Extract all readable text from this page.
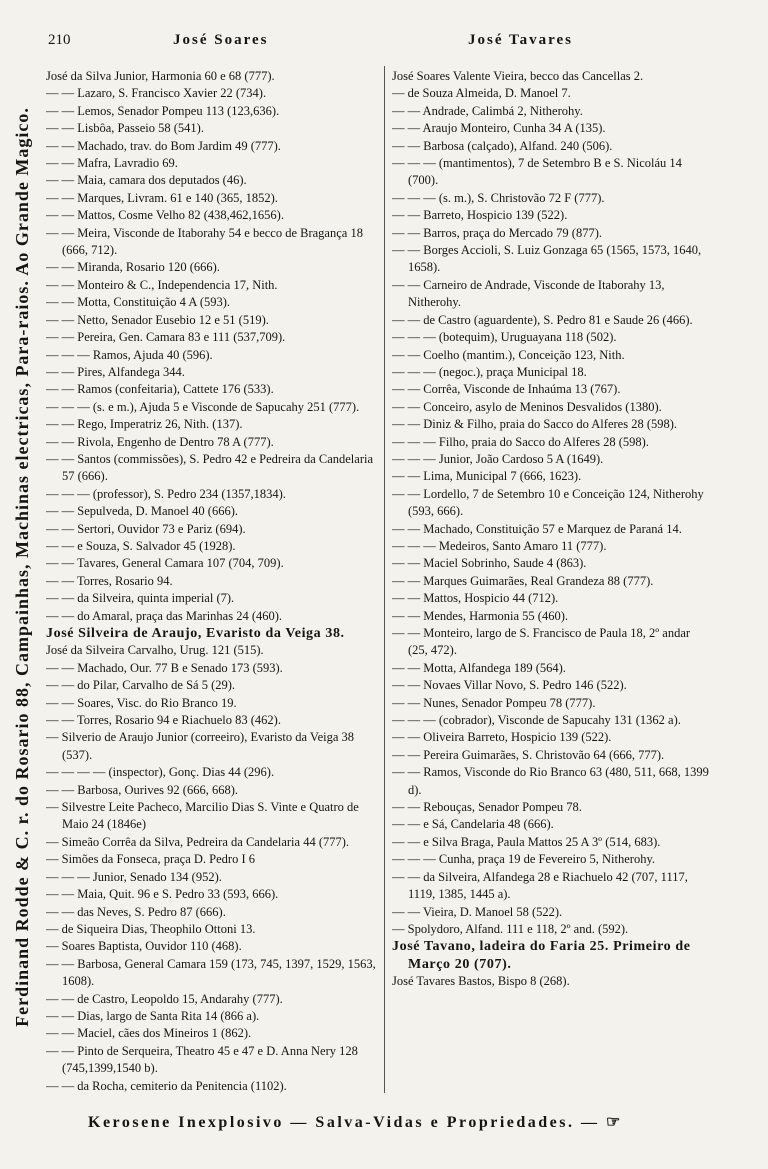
210	José Soares	José Tavares
Ferdinand Rodde & C. r. do Rosario 88, Campainhas, Machinas electricas, Para-raios. Ao Grande Magico.
José da Silva Junior, Harmonia 60 e 68 (777).
— — Lazaro, S. Francisco Xavier 22 (734).
— — Lemos, Senador Pompeu 113 (123,636).
— — Lisbôa, Passeio 58 (541).
— — Machado, trav. do Bom Jardim 49 (777).
— — Mafra, Lavradio 69.
— — Maia, camara dos deputados (46).
— — Marques, Livram. 61 e 140 (365, 1852).
— — Mattos, Cosme Velho 82 (438,462,1656).
— — Meira, Visconde de Itaborahy 54 e becco de Bragança 18 (666, 712).
— — Miranda, Rosario 120 (666).
— — Monteiro & C., Independencia 17, Nith.
— — Motta, Constituição 4 A (593).
— — Netto, Senador Eusebio 12 e 51 (519).
— — Pereira, Gen. Camara 83 e 111 (537,709).
— — — Ramos, Ajuda 40 (596).
— — Pires, Alfandega 344.
— — Ramos (confeitaria), Cattete 176 (533).
— — — (s. e m.), Ajuda 5 e Visconde de Sapucahy 251 (777).
— — Rego, Imperatriz 26, Nith. (137).
— — Rivola, Engenho de Dentro 78 A (777).
— — Santos (commissões), S. Pedro 42 e Pedreira da Candelaria 57 (666).
— — — (professor), S. Pedro 234 (1357,1834).
— — Sepulveda, D. Manoel 40 (666).
— — Sertori, Ouvidor 73 e Pariz (694).
— — e Souza, S. Salvador 45 (1928).
— — Tavares, General Camara 107 (704, 709).
— — Torres, Rosario 94.
— — da Silveira, quinta imperial (7).
— — do Amaral, praça das Marinhas 24 (460).
José Silveira de Araujo, Evaristo da Veiga 38.
José da Silveira Carvalho, Urug. 121 (515).
— — Machado, Our. 77 B e Senado 173 (593).
— — do Pilar, Carvalho de Sá 5 (29).
— — Soares, Visc. do Rio Branco 19.
— — Torres, Rosario 94 e Riachuelo 83 (462).
— Silverio de Araujo Junior (correeiro), Evaristo da Veiga 38 (537).
— — — — (inspector), Gonç. Dias 44 (296).
— — Barbosa, Ourives 92 (666, 668).
— Silvestre Leite Pacheco, Marcilio Dias S. Vinte e Quatro de Maio 24 (1846e)
— Simeão Corrêa da Silva, Pedreira da Candelaria 44 (777).
— Simões da Fonseca, praça D. Pedro I 6
— — — Junior, Senado 134 (952).
— — Maia, Quit. 96 e S. Pedro 33 (593, 666).
— — das Neves, S. Pedro 87 (666).
— de Siqueira Dias, Theophilo Ottoni 13.
— Soares Baptista, Ouvidor 110 (468).
— — Barbosa, General Camara 159 (173, 745, 1397, 1529, 1563, 1608).
— — de Castro, Leopoldo 15, Andarahy (777).
— — Dias, largo de Santa Rita 14 (866 a).
— — Maciel, cães dos Mineiros 1 (862).
— — Pinto de Serqueira, Theatro 45 e 47 e D. Anna Nery 128 (745,1399,1540 b).
— — da Rocha, cemiterio da Penitencia (1102).
José Soares Valente Vieira, becco das Cancellas 2.
— de Souza Almeida, D. Manoel 7.
— — Andrade, Calimbá 2, Nitherohy.
— — Araujo Monteiro, Cunha 34 A (135).
— — Barbosa (calçado), Alfand. 240 (506).
— — — (mantimentos), 7 de Setembro B e S. Nicoláu 14 (700).
— — — (s. m.), S. Christovão 72 F (777).
— — Barreto, Hospicio 139 (522).
— — Barros, praça do Mercado 79 (877).
— — Borges Accioli, S. Luiz Gonzaga 65 (1565, 1573, 1640, 1658).
— — Carneiro de Andrade, Visconde de Itaborahy 13, Nitherohy.
— — de Castro (aguardente), S. Pedro 81 e Saude 26 (466).
— — — (botequim), Uruguayana 118 (502).
— — Coelho (mantim.), Conceição 123, Nith.
— — — (negoc.), praça Municipal 18.
— — Corrêa, Visconde de Inhaúma 13 (767).
— — Conceiro, asylo de Meninos Desvalidos (1380).
— — Diniz & Filho, praia do Sacco do Alferes 28 (598).
— — — Filho, praia do Sacco do Alferes 28 (598).
— — — Junior, João Cardoso 5 A (1649).
— — Lima, Municipal 7 (666, 1623).
— — Lordello, 7 de Setembro 10 e Conceição 124, Nitherohy (593, 666).
— — Machado, Constituição 57 e Marquez de Paraná 14.
— — — Medeiros, Santo Amaro 11 (777).
— — Maciel Sobrinho, Saude 4 (863).
— — Marques Guimarães, Real Grandeza 88 (777).
— — Mattos, Hospicio 44 (712).
— — Mendes, Harmonia 55 (460).
— — Monteiro, largo de S. Francisco de Paula 18, 2º andar (25, 472).
— — Motta, Alfandega 189 (564).
— — Novaes Villar Novo, S. Pedro 146 (522).
— — Nunes, Senador Pompeu 78 (777).
— — — (cobrador), Visconde de Sapucahy 131 (1362 a).
— — Oliveira Barreto, Hospicio 139 (522).
— — Pereira Guimarães, S. Christovão 64 (666, 777).
— — Ramos, Visconde do Rio Branco 63 (480, 511, 668, 1399 d).
— — Rebouças, Senador Pompeu 78.
— — e Sá, Candelaria 48 (666).
— — e Silva Braga, Paula Mattos 25 A 3º (514, 683).
— — — Cunha, praça 19 de Fevereiro 5, Nitherohy.
— — da Silveira, Alfandega 28 e Riachuelo 42 (707, 1117, 1119, 1385, 1445 a).
— — Vieira, D. Manoel 58 (522).
— Spolydoro, Alfand. 111 e 118, 2º and. (592).
José Tavano, ladeira do Faria 25. Primeiro de Março 20 (707).
José Tavares Bastos, Bispo 8 (268).
Kerosene Inexplosivo — Salva-Vidas e Propriedades. — ☞
